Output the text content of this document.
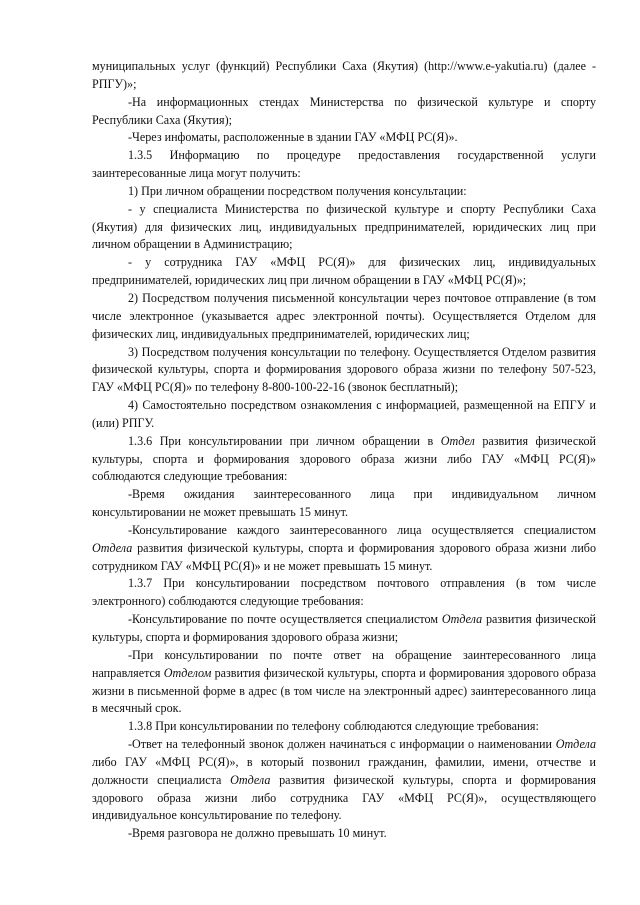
муниципальных услуг (функций) Республики Саха (Якутия) (http://www.e-yakutia.ru) (далее - РПГУ)»;

-На информационных стендах Министерства по физической культуре и спорту Республики Саха (Якутия);

-Через инфоматы, расположенные в здании ГАУ «МФЦ РС(Я)».

1.3.5 Информацию по процедуре предоставления государственной услуги заинтересованные лица могут получить:

1) При личном обращении посредством получения консультации:

- у специалиста Министерства по физической культуре и спорту Республики Саха (Якутия) для физических лиц, индивидуальных предпринимателей, юридических лиц при личном обращении в Администрацию;

- у сотрудника ГАУ «МФЦ РС(Я)» для физических лиц, индивидуальных предпринимателей, юридических лиц при личном обращении в ГАУ «МФЦ РС(Я)»;

2) Посредством получения письменной консультации через почтовое отправление (в том числе электронное (указывается адрес электронной почты). Осуществляется Отделом для физических лиц, индивидуальных предпринимателей, юридических лиц;

3) Посредством получения консультации по телефону. Осуществляется Отделом развития физической культуры, спорта и формирования здорового образа жизни по телефону 507-523, ГАУ «МФЦ РС(Я)» по телефону 8-800-100-22-16 (звонок бесплатный);

4) Самостоятельно посредством ознакомления с информацией, размещенной на ЕПГУ и (или) РПГУ.

1.3.6 При консультировании при личном обращении в Отдел развития физической культуры, спорта и формирования здорового образа жизни либо ГАУ «МФЦ РС(Я)» соблюдаются следующие требования:

-Время ожидания заинтересованного лица при индивидуальном личном консультировании не может превышать 15 минут.

-Консультирование каждого заинтересованного лица осуществляется специалистом Отдела развития физической культуры, спорта и формирования здорового образа жизни либо сотрудником ГАУ «МФЦ РС(Я)» и не может превышать 15 минут.

1.3.7 При консультировании посредством почтового отправления (в том числе электронного) соблюдаются следующие требования:

-Консультирование по почте осуществляется специалистом Отдела развития физической культуры, спорта и формирования здорового образа жизни;

-При консультировании по почте ответ на обращение заинтересованного лица направляется Отделом развития физической культуры, спорта и формирования здорового образа жизни в письменной форме в адрес (в том числе на электронный адрес) заинтересованного лица в месячный срок.

1.3.8 При консультировании по телефону соблюдаются следующие требования:

-Ответ на телефонный звонок должен начинаться с информации о наименовании Отдела либо ГАУ «МФЦ РС(Я)», в который позвонил гражданин, фамилии, имени, отчестве и должности специалиста Отдела развития физической культуры, спорта и формирования здорового образа жизни либо сотрудника ГАУ «МФЦ РС(Я)», осуществляющего индивидуальное консультирование по телефону.

-Время разговора не должно превышать 10 минут.
